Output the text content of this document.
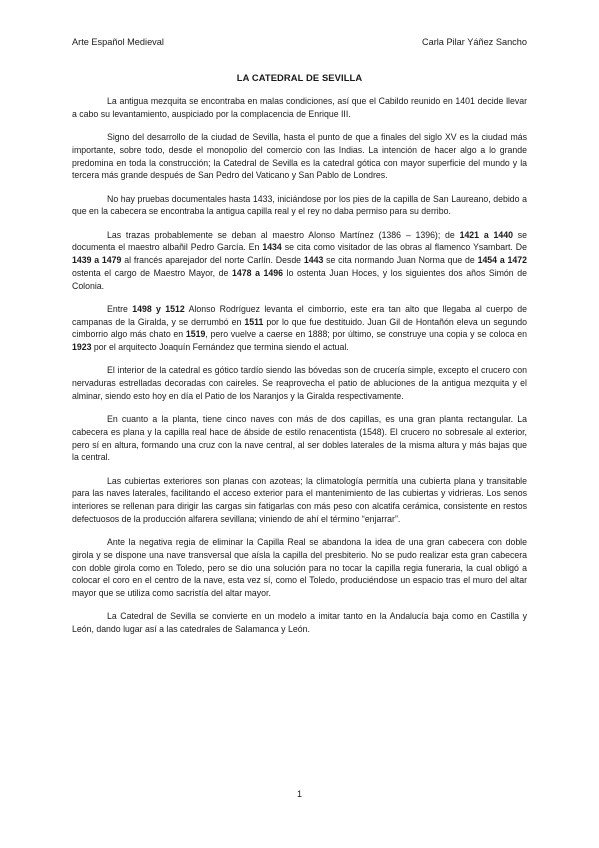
Arte Español Medieval	Carla Pilar Yáñez Sancho
LA CATEDRAL DE SEVILLA

La antigua mezquita se encontraba en malas condiciones, así que el Cabildo reunido en 1401 decide llevar a cabo su levantamiento, auspiciado por la complacencia de Enrique III.

Signo del desarrollo de la ciudad de Sevilla, hasta el punto de que a finales del siglo XV es la ciudad más importante, sobre todo, desde el monopolio del comercio con las Indias. La intención de hacer algo a lo grande predomina en toda la construcción; la Catedral de Sevilla es la catedral gótica con mayor superficie del mundo y la tercera más grande después de San Pedro del Vaticano y San Pablo de Londres.

No hay pruebas documentales hasta 1433, iniciándose por los pies de la capilla de San Laureano, debido a que en la cabecera se encontraba la antigua capilla real y el rey no daba permiso para su derribo.

Las trazas probablemente se deban al maestro Alonso Martínez (1386 – 1396); de 1421 a 1440 se documenta el maestro albañil Pedro García. En 1434 se cita como visitador de las obras al flamenco Ysambart. De 1439 a 1479 al francés aparejador del norte Carlín. Desde 1443 se cita normando Juan Norma que de 1454 a 1472 ostenta el cargo de Maestro Mayor, de 1478 a 1496 lo ostenta Juan Hoces, y los siguientes dos años Simón de Colonia.

Entre 1498 y 1512 Alonso Rodríguez levanta el cimborrio, este era tan alto que llegaba al cuerpo de campanas de la Giralda, y se derrumbó en 1511 por lo que fue destituido. Juan Gil de Hontañón eleva un segundo cimborrio algo más chato en 1519, pero vuelve a caerse en 1888; por último, se construye una copia y se coloca en 1923 por el arquitecto Joaquín Fernández que termina siendo el actual.

El interior de la catedral es gótico tardío siendo las bóvedas son de crucería simple, excepto el crucero con nervaduras estrelladas decoradas con caireles. Se reaprovecha el patio de abluciones de la antigua mezquita y el alminar, siendo esto hoy en día el Patio de los Naranjos y la Giralda respectivamente.

En cuanto a la planta, tiene cinco naves con más de dos capillas, es una gran planta rectangular. La cabecera es plana y la capilla real hace de ábside de estilo renacentista (1548). El crucero no sobresale al exterior, pero sí en altura, formando una cruz con la nave central, al ser dobles laterales de la misma altura y más bajas que la central.

Las cubiertas exteriores son planas con azoteas; la climatología permitía una cubierta plana y transitable para las naves laterales, facilitando el acceso exterior para el mantenimiento de las cubiertas y vidrieras. Los senos interiores se rellenan para dirigir las cargas sin fatigarlas con más peso con alcatifa cerámica, consistente en restos defectuosos de la producción alfarera sevillana; viniendo de ahí el término “enjarrar”.

Ante la negativa regia de eliminar la Capilla Real se abandona la idea de una gran cabecera con doble girola y se dispone una nave transversal que aísla la capilla del presbiterio. No se pudo realizar esta gran cabecera con doble girola como en Toledo, pero se dio una solución para no tocar la capilla regia funeraria, la cual obligó a colocar el coro en el centro de la nave, esta vez sí, como el Toledo, produciéndose un espacio tras el muro del altar mayor que se utiliza como sacristía del altar mayor.

La Catedral de Sevilla se convierte en un modelo a imitar tanto en la Andalucía baja como en Castilla y León, dando lugar así a las catedrales de Salamanca y León.

1
